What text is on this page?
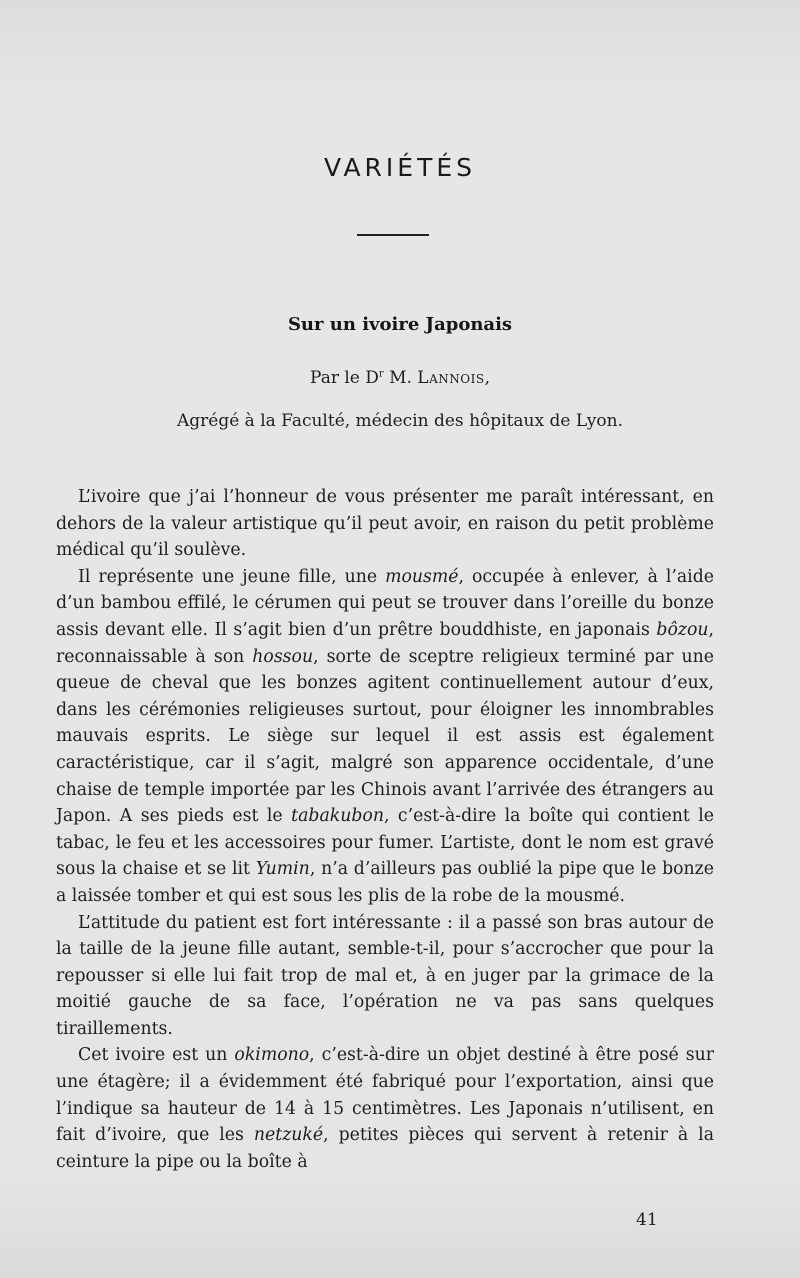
VARIÉTÉS
Sur un ivoire Japonais
Par le $D^r$ M. Lannois,
Agrégé à la Faculté, médecin des hôpitaux de Lyon.

L’ivoire que j’ai l’honneur de vous présenter me paraît intéressant, en dehors de la valeur artistique qu’il peut avoir, en raison du petit problème médical qu’il soulève.

Il représente une jeune fille, une mousmé, occupée à enlever, à l’aide d’un bambou effilé, le cérumen qui peut se trouver dans l’oreille du bonze assis devant elle. Il s’agit bien d’un prêtre bouddhiste, en japonais bôzou, reconnaissable à son hossou, sorte de sceptre religieux terminé par une queue de cheval que les bonzes agitent continuellement autour d’eux, dans les cérémonies religieuses surtout, pour éloigner les innombrables mauvais esprits. Le siège sur lequel il est assis est également caractéristique, car il s’agit, malgré son apparence occidentale, d’une chaise de temple importée par les Chinois avant l’arrivée des étrangers au Japon. A ses pieds est le tabakubon, c’est-à-dire la boîte qui contient le tabac, le feu et les accessoires pour fumer. L’artiste, dont le nom est gravé sous la chaise et se lit Yumin, n’a d’ailleurs pas oublié la pipe que le bonze a laissée tomber et qui est sous les plis de la robe de la mousmé.

L’attitude du patient est fort intéressante : il a passé son bras autour de la taille de la jeune fille autant, semble-t-il, pour s’accrocher que pour la repousser si elle lui fait trop de mal et, à en juger par la grimace de la moitié gauche de sa face, l’opération ne va pas sans quelques tiraillements.

Cet ivoire est un okimono, c’est-à-dire un objet destiné à être posé sur une étagère; il a évidemment été fabriqué pour l’exportation, ainsi que l’indique sa hauteur de 14 à 15 centimètres. Les Japonais n’utilisent, en fait d’ivoire, que les netzuké, petites pièces qui servent à retenir à la ceinture la pipe ou la boîte à

41
